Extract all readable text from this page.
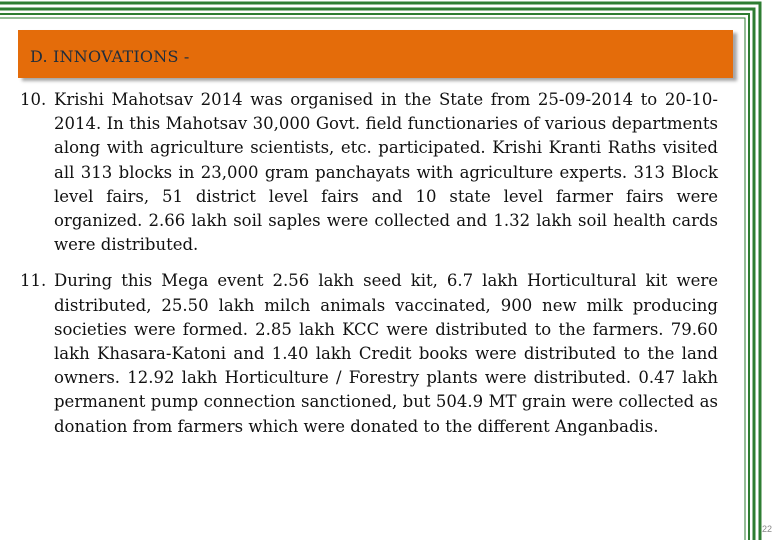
D. INNOVATIONS -
10. Krishi Mahotsav 2014 was organised in the State from 25-09-2014 to 20-10-2014. In this Mahotsav 30,000 Govt. field functionaries of various departments along with agriculture scientists, etc. participated. Krishi Kranti Raths visited all 313 blocks in 23,000 gram panchayats with agriculture experts. 313 Block level fairs, 51 district level fairs and 10 state level farmer fairs were organized. 2.66 lakh soil saples were collected and 1.32 lakh soil health cards were distributed.
11. During this Mega event 2.56 lakh seed kit, 6.7 lakh Horticultural kit were distributed, 25.50 lakh milch animals vaccinated, 900 new milk producing societies were formed. 2.85 lakh KCC were distributed to the farmers. 79.60 lakh Khasara-Katoni and 1.40 lakh Credit books were distributed to the land owners. 12.92 lakh Horticulture / Forestry plants were distributed. 0.47 lakh permanent pump connection sanctioned, but 504.9 MT grain were collected as donation from farmers which were donated to the different Anganbadis.
22
